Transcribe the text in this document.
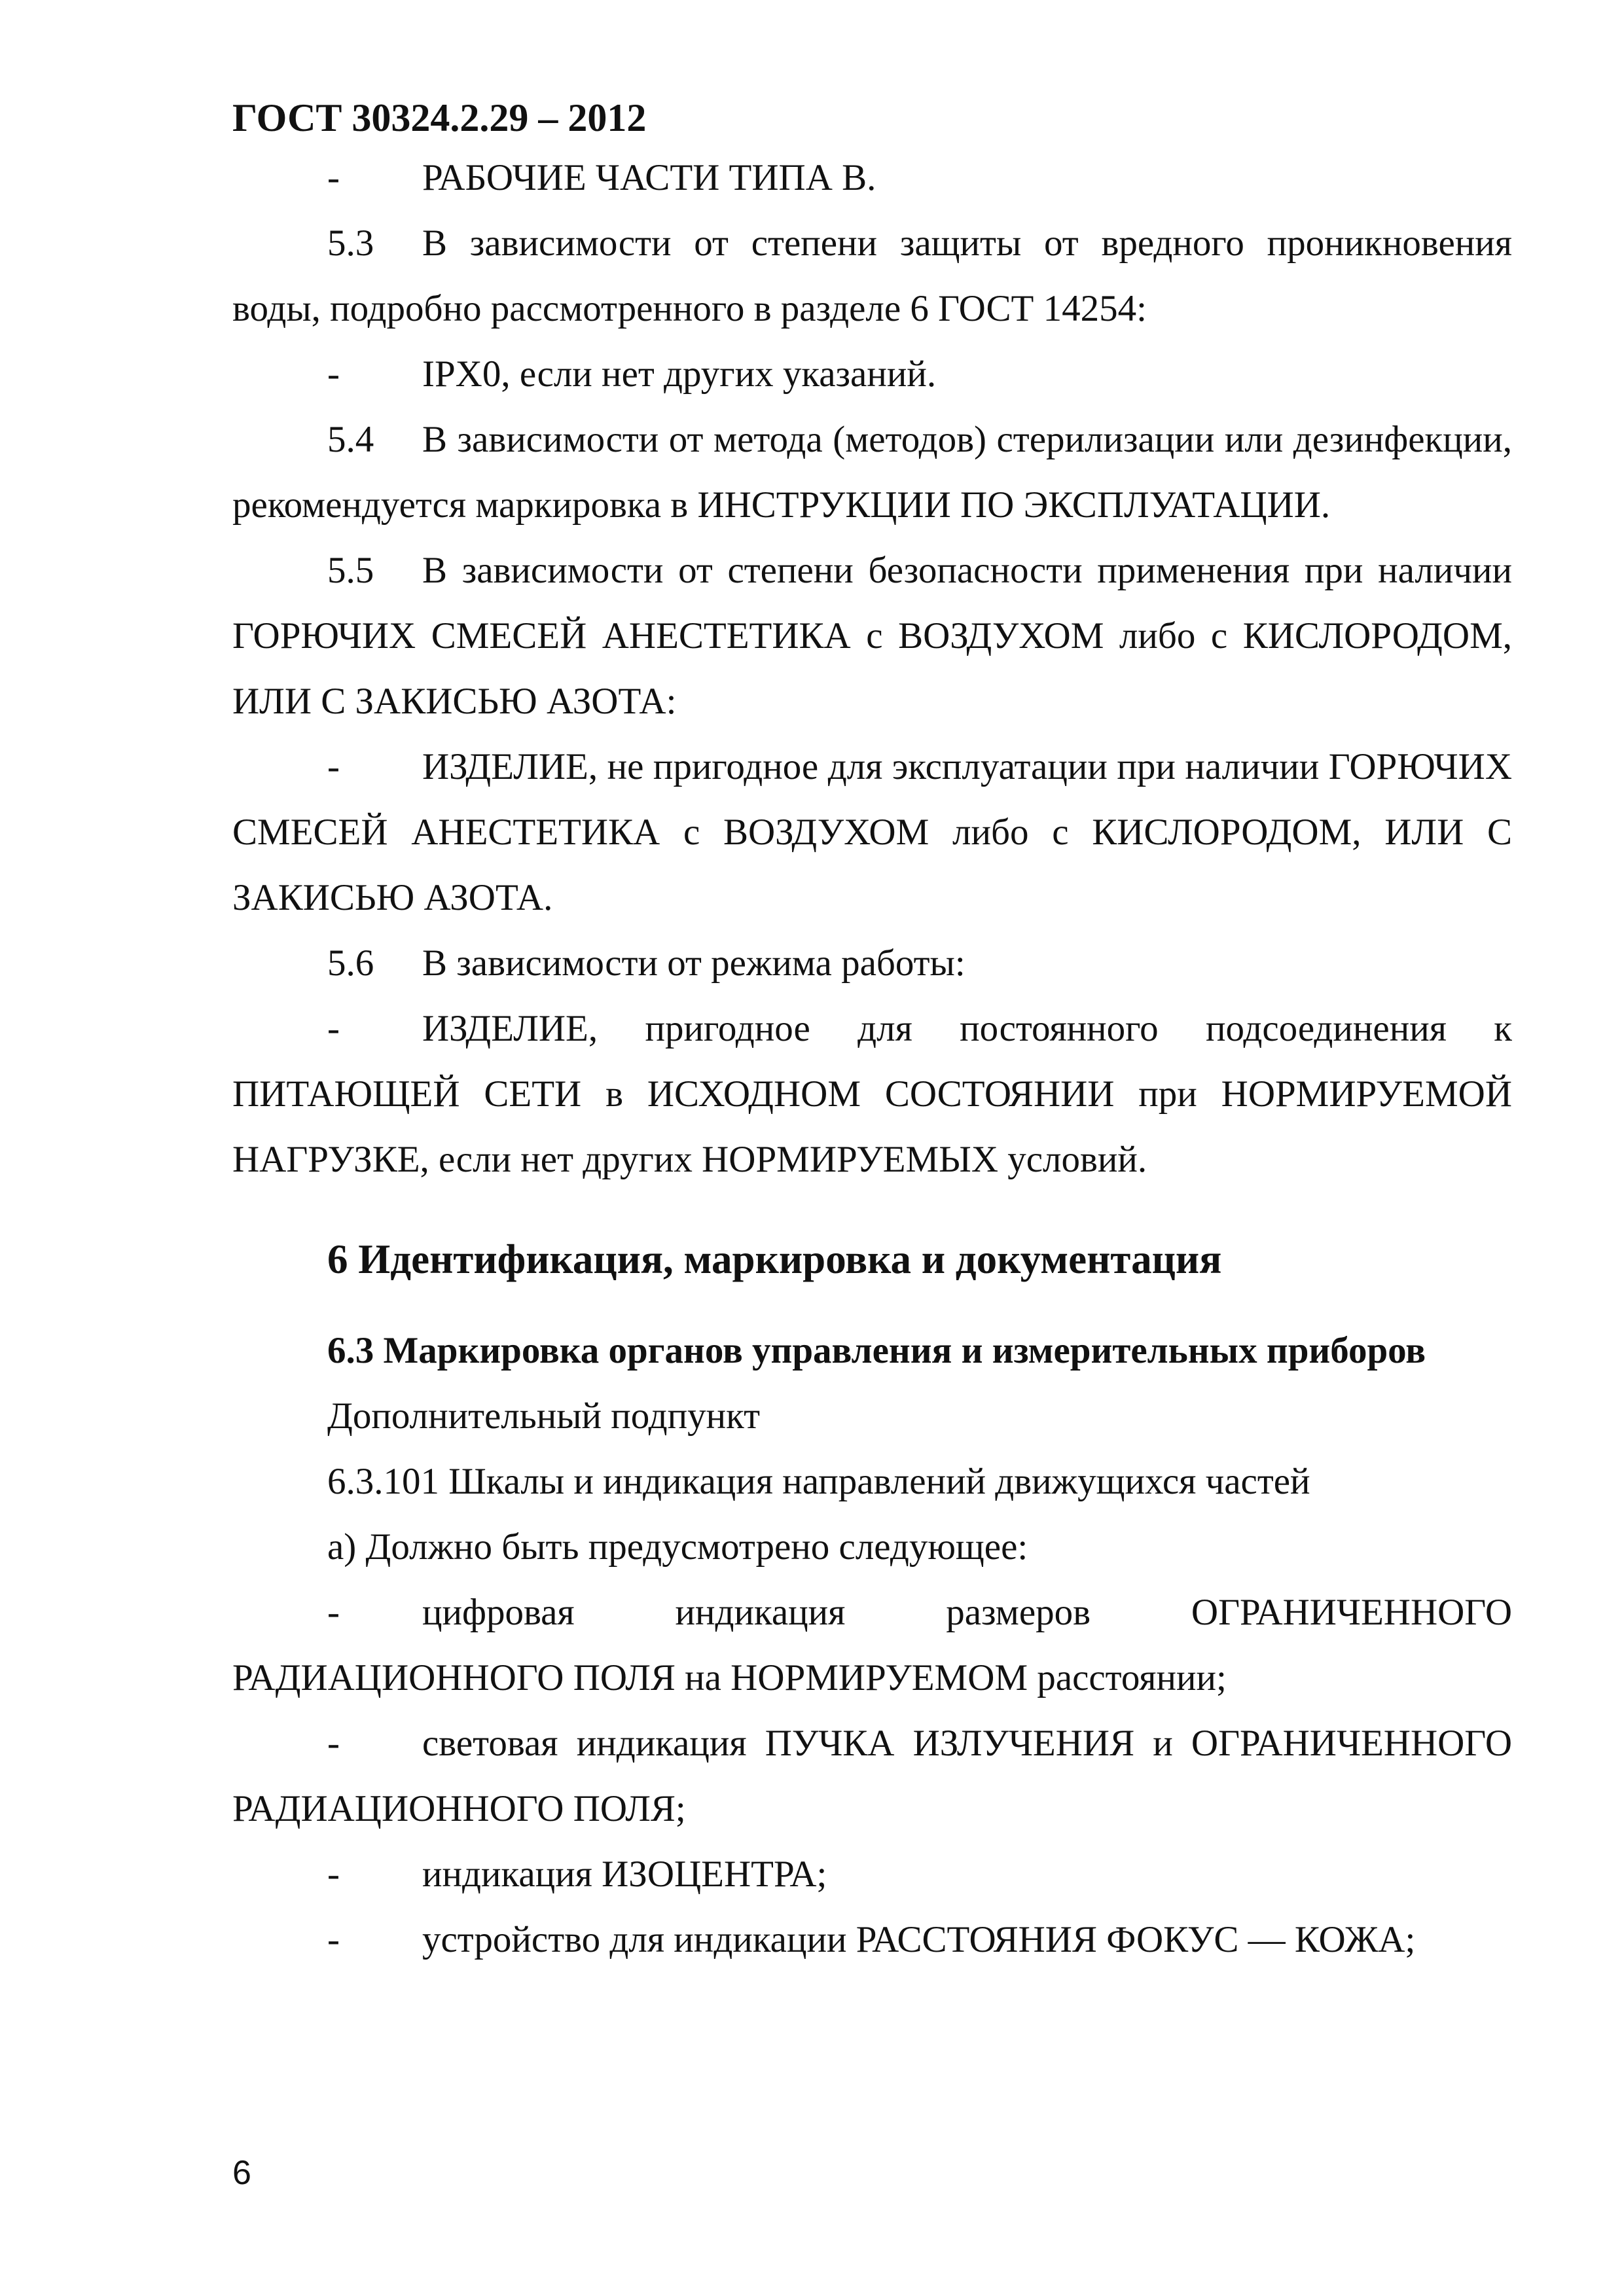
ГОСТ 30324.2.29 – 2012

- РАБОЧИЕ ЧАСТИ ТИПА В.

5.3 В зависимости от степени защиты от вредного проникновения воды, подробно рассмотренного в разделе 6 ГОСТ 14254:

- IPX0, если нет других указаний.

5.4 В зависимости от метода (методов) стерилизации или дезинфекции, рекомендуется маркировка в ИНСТРУКЦИИ ПО ЭКСПЛУАТАЦИИ.

5.5 В зависимости от степени безопасности применения при наличии ГОРЮЧИХ СМЕСЕЙ АНЕСТЕТИКА с ВОЗДУХОМ либо с КИСЛОРОДОМ, ИЛИ С ЗАКИСЬЮ АЗОТА:

- ИЗДЕЛИЕ, не пригодное для эксплуатации при наличии ГОРЮЧИХ СМЕСЕЙ АНЕСТЕТИКА с ВОЗДУХОМ либо с КИСЛОРОДОМ, ИЛИ С ЗАКИСЬЮ АЗОТА.

5.6 В зависимости от режима работы:

- ИЗДЕЛИЕ, пригодное для постоянного подсоединения к ПИТАЮЩЕЙ СЕТИ в ИСХОДНОМ СОСТОЯНИИ при НОРМИРУЕМОЙ НАГРУЗКЕ, если нет других НОРМИРУЕМЫХ условий.

6 Идентификация, маркировка и документация
6.3 Маркировка органов управления и измерительных приборов

Дополнительный подпункт

6.3.101 Шкалы и индикация направлений движущихся частей

а) Должно быть предусмотрено следующее:

- цифровая индикация размеров ОГРАНИЧЕННОГО РАДИАЦИОННОГО ПОЛЯ на НОРМИРУЕМОМ расстоянии;

- световая индикация ПУЧКА ИЗЛУЧЕНИЯ и ОГРАНИЧЕННОГО РАДИАЦИОННОГО ПОЛЯ;

- индикация ИЗОЦЕНТРА;

- устройство для индикации РАССТОЯНИЯ ФОКУС — КОЖА;

6
